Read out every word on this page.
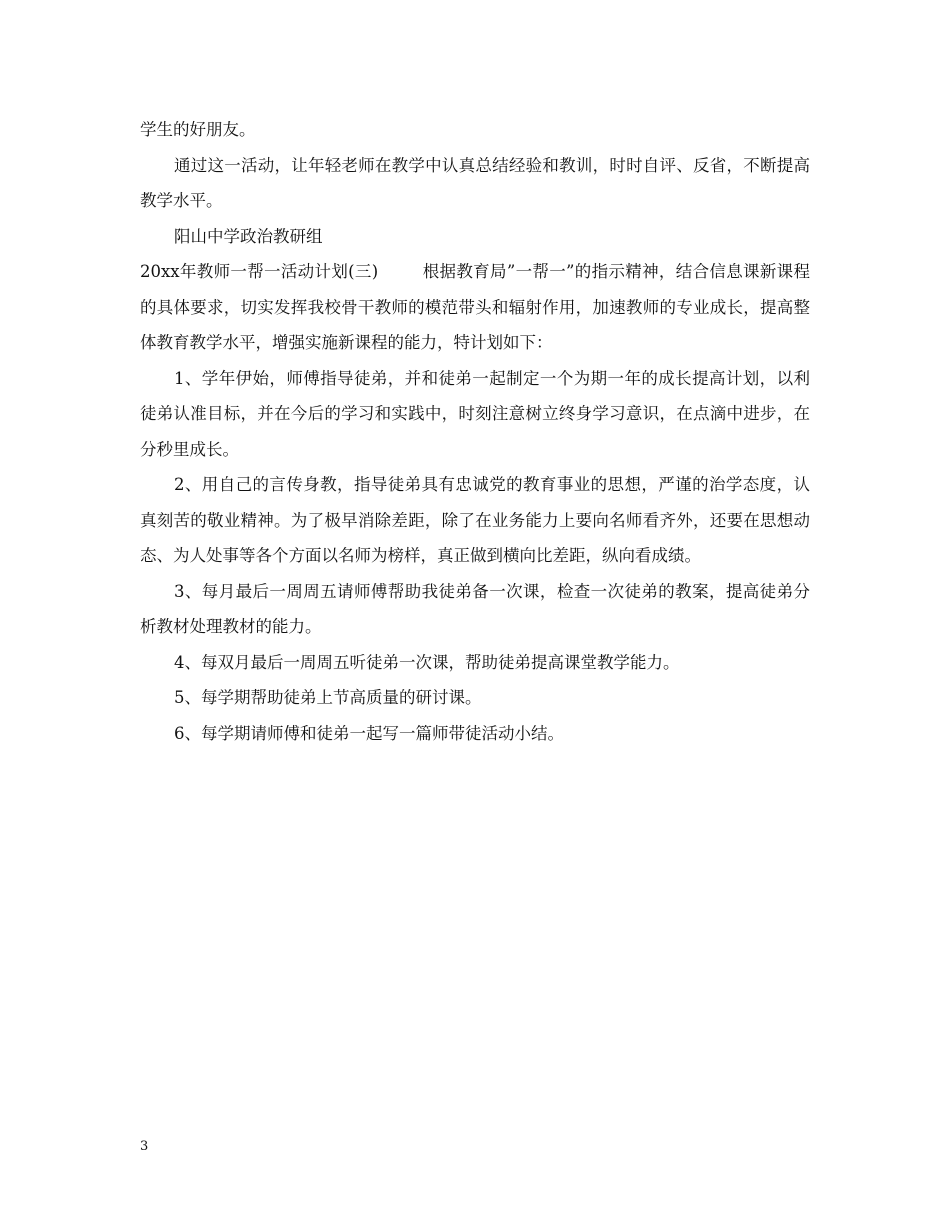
学生的好朋友。

通过这一活动，让年轻老师在教学中认真总结经验和教训，时时自评、反省，不断提高教学水平。

阳山中学政治教研组

20xx年教师一帮一活动计划(三)        根据教育局”一帮一”的指示精神，结合信息课新课程的具体要求，切实发挥我校骨干教师的模范带头和辐射作用，加速教师的专业成长，提高整体教育教学水平，增强实施新课程的能力，特计划如下：

1、学年伊始，师傅指导徒弟，并和徒弟一起制定一个为期一年的成长提高计划，以利徒弟认准目标，并在今后的学习和实践中，时刻注意树立终身学习意识，在点滴中进步，在分秒里成长。

2、用自己的言传身教，指导徒弟具有忠诚党的教育事业的思想，严谨的治学态度，认真刻苦的敬业精神。为了极早消除差距，除了在业务能力上要向名师看齐外，还要在思想动态、为人处事等各个方面以名师为榜样，真正做到横向比差距，纵向看成绩。

3、每月最后一周周五请师傅帮助我徒弟备一次课，检查一次徒弟的教案，提高徒弟分析教材处理教材的能力。

4、每双月最后一周周五听徒弟一次课，帮助徒弟提高课堂教学能力。

5、每学期帮助徒弟上节高质量的研讨课。

6、每学期请师傅和徒弟一起写一篇师带徒活动小结。

3
